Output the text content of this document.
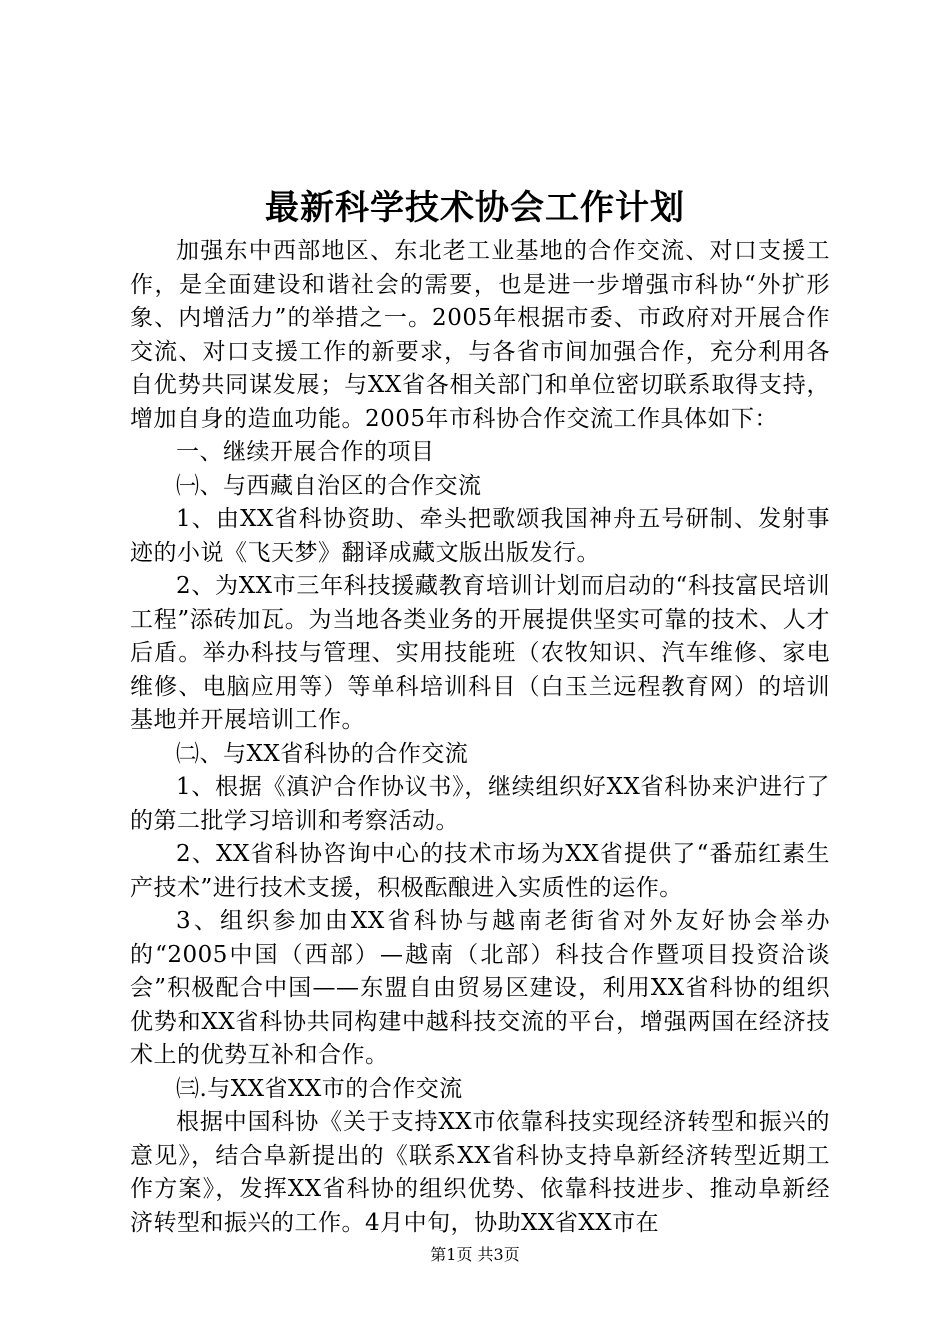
最新科学技术协会工作计划

加强东中西部地区、东北老工业基地的合作交流、对口支援工作，是全面建设和谐社会的需要，也是进一步增强市科协“外扩形象、内增活力”的举措之一。2005年根据市委、市政府对开展合作交流、对口支援工作的新要求，与各省市间加强合作，充分利用各自优势共同谋发展；与XX省各相关部门和单位密切联系取得支持，增加自身的造血功能。2005年市科协合作交流工作具体如下：

一、继续开展合作的项目

㈠、与西藏自治区的合作交流

1、由XX省科协资助、牵头把歌颂我国神舟五号研制、发射事迹的小说《飞天梦》翻译成藏文版出版发行。

2、为XX市三年科技援藏教育培训计划而启动的“科技富民培训工程”添砖加瓦。为当地各类业务的开展提供坚实可靠的技术、人才后盾。举办科技与管理、实用技能班（农牧知识、汽车维修、家电维修、电脑应用等）等单科培训科目（白玉兰远程教育网）的培训基地并开展培训工作。

㈡、与XX省科协的合作交流

1、根据《滇沪合作协议书》，继续组织好XX省科协来沪进行了的第二批学习培训和考察活动。

2、XX省科协咨询中心的技术市场为XX省提供了“番茄红素生产技术”进行技术支援，积极酝酿进入实质性的运作。

3、组织参加由XX省科协与越南老街省对外友好协会举办的“2005中国（西部）—越南（北部）科技合作暨项目投资洽谈会”积极配合中国——东盟自由贸易区建设，利用XX省科协的组织优势和XX省科协共同构建中越科技交流的平台，增强两国在经济技术上的优势互补和合作。

㈢.与XX省XX市的合作交流

根据中国科协《关于支持XX市依靠科技实现经济转型和振兴的意见》，结合阜新提出的《联系XX省科协支持阜新经济转型近期工作方案》，发挥XX省科协的组织优势、依靠科技进步、推动阜新经济转型和振兴的工作。4月中旬，协助XX省XX市在

第1页 共3页
